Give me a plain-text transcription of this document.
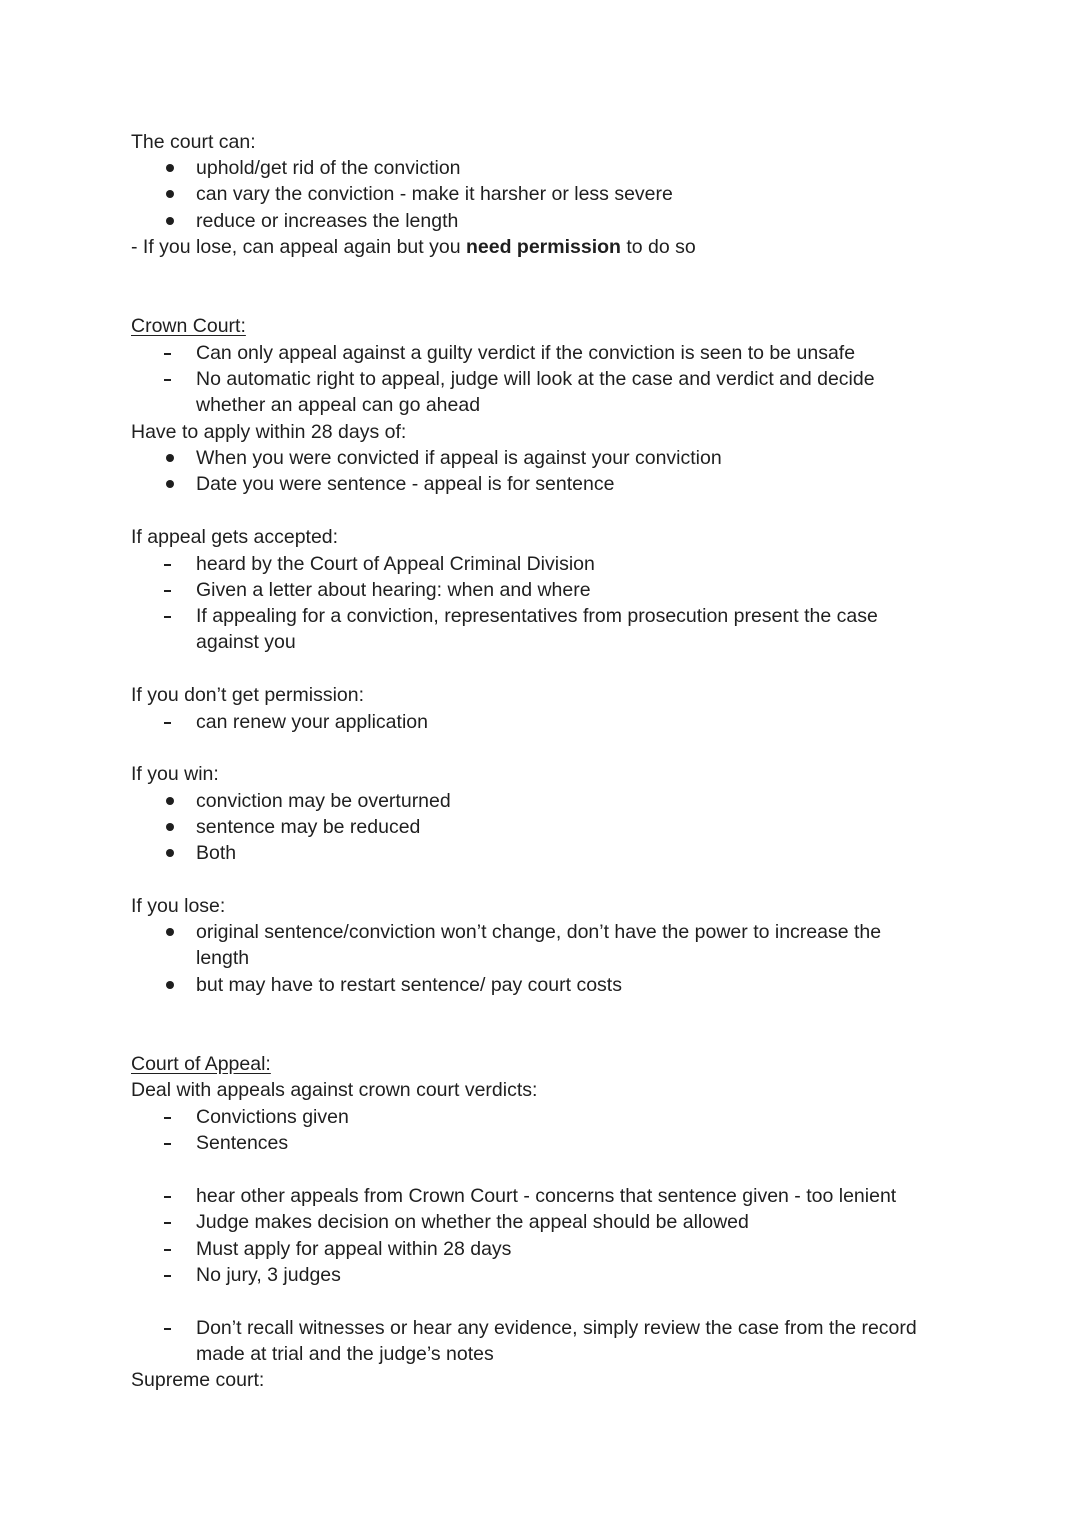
The court can:
uphold/get rid of the conviction
can vary the conviction - make it harsher or less severe
reduce or increases the length
- If you lose, can appeal again but you need permission to do so
Crown Court:
Can only appeal against a guilty verdict if the conviction is seen to be unsafe
No automatic right to appeal, judge will look at the case and verdict and decide
whether an appeal can go ahead
Have to apply within 28 days of:
When you were convicted if appeal is against your conviction
Date you were sentence - appeal is for sentence
If appeal gets accepted:
heard by the Court of Appeal Criminal Division
Given a letter about hearing: when and where
If appealing for a conviction, representatives from prosecution present the case
against you
If you don’t get permission:
can renew your application
If you win:
conviction may be overturned
sentence may be reduced
Both
If you lose:
original sentence/conviction won’t change, don’t have the power to increase the
length
but may have to restart sentence/ pay court costs
Court of Appeal:
Deal with appeals against crown court verdicts:
Convictions given
Sentences
hear other appeals from Crown Court - concerns that sentence given - too lenient
Judge makes decision on whether the appeal should be allowed
Must apply for appeal within 28 days
No jury, 3 judges
Don’t recall witnesses or hear any evidence, simply review the case from the record
made at trial and the judge’s notes
Supreme court:
